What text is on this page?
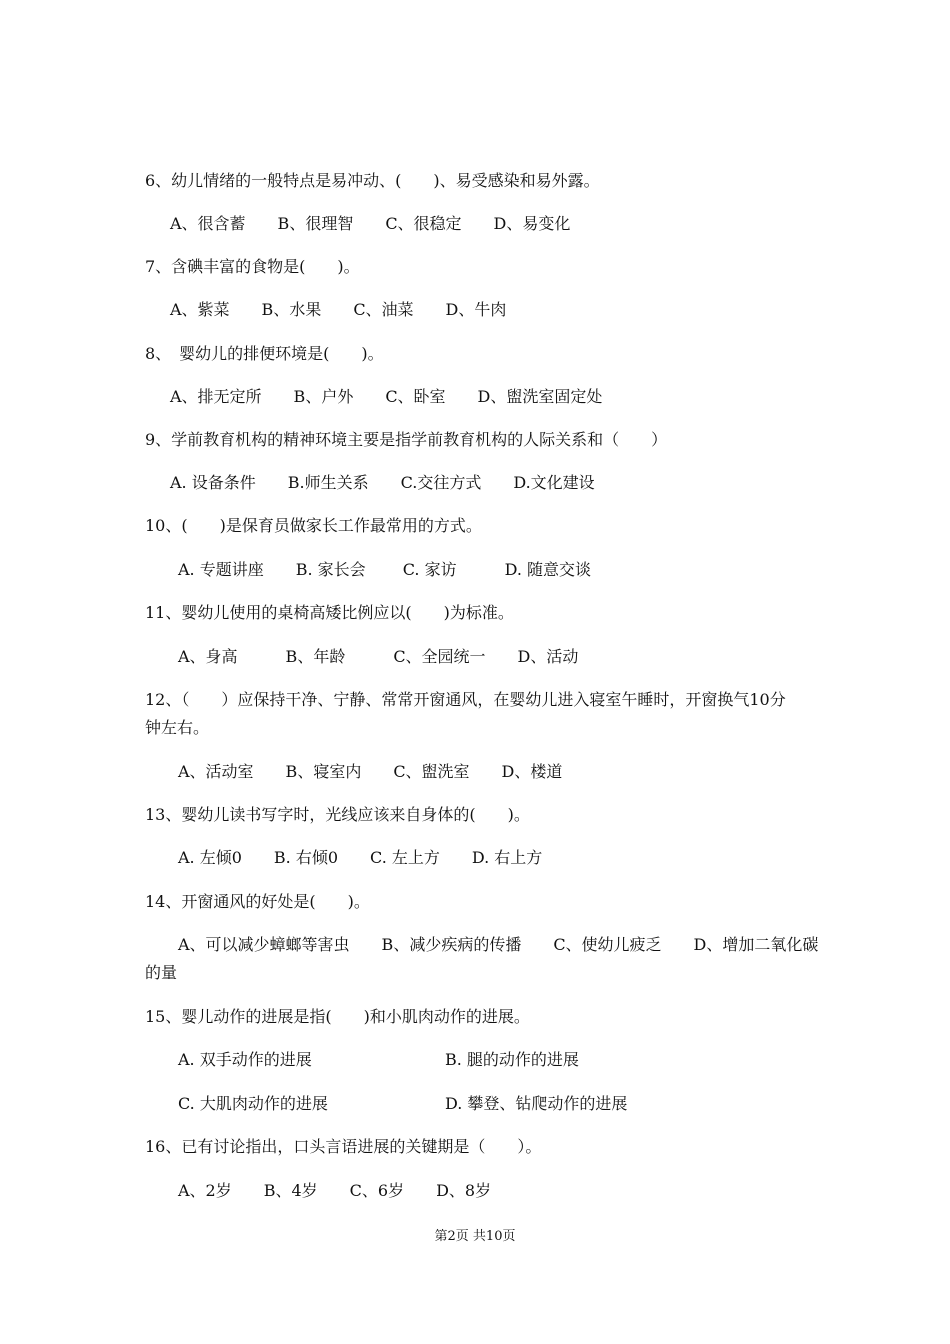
6、幼儿情绪的一般特点是易冲动、(　　)、易受感染和易外露。
A、很含蓄　　B、很理智　　C、很稳定　　D、易变化
7、含碘丰富的食物是(　　)。
A、紫菜　　B、水果　　C、油菜　　D、牛肉
8、　婴幼儿的排便环境是(　　)。
A、排无定所　　B、户外　　C、卧室　　D、盥洗室固定处
9、学前教育机构的精神环境主要是指学前教育机构的人际关系和（　　）
A. 设备条件　　B.师生关系　　C.交往方式　　D.文化建设
10、(　　)是保育员做家长工作最常用的方式。
A. 专题讲座　　B. 家长会　　 C. 家访　　　D. 随意交谈
11、婴幼儿使用的桌椅高矮比例应以(　　)为标准。
A、身高　　　B、年龄　　　C、全园统一　　D、活动
12、（　　）应保持干净、宁静、常常开窗通风，在婴幼儿进入寝室午睡时，开窗换气10分
钟左右。
A、活动室　　B、寝室内　　C、盥洗室　　D、楼道
13、婴幼儿读书写字时，光线应该来自身体的(　　)。
A. 左倾0　　B. 右倾0　　C. 左上方　　D. 右上方
14、开窗通风的好处是(　　)。
A、可以减少蟑螂等害虫　　B、减少疾病的传播　　C、使幼儿疲乏　　D、增加二氧化碳
的量
15、婴儿动作的进展是指(　　)和小肌肉动作的进展。
A. 双手动作的进展	B. 腿的动作的进展
C. 大肌肉动作的进展	D. 攀登、钻爬动作的进展
16、已有讨论指出，口头言语进展的关键期是（　　）。
A、2岁　　B、4岁　　C、6岁　　D、8岁
第2页 共10页
